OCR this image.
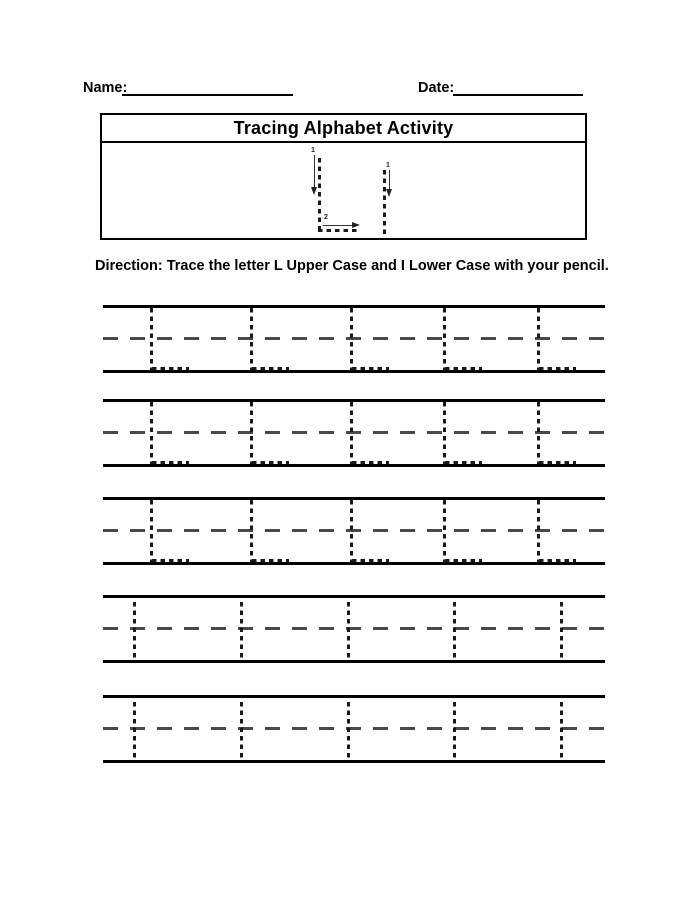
Name:	Date:
Tracing Alphabet Activity
1
2
1
Direction: Trace the letter L Upper Case and I Lower Case with your pencil.
